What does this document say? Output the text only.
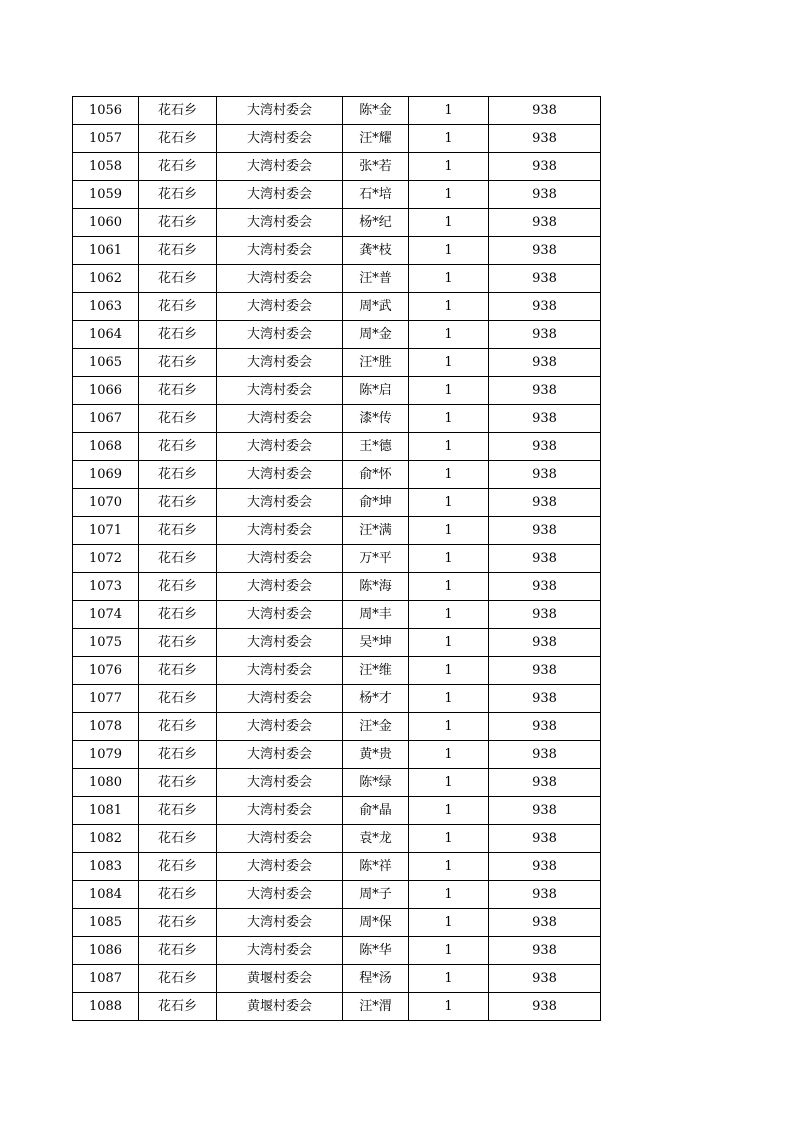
1056	花石乡	大湾村委会	陈*金	1	938
1057	花石乡	大湾村委会	汪*耀	1	938
1058	花石乡	大湾村委会	张*若	1	938
1059	花石乡	大湾村委会	石*培	1	938
1060	花石乡	大湾村委会	杨*纪	1	938
1061	花石乡	大湾村委会	龚*枝	1	938
1062	花石乡	大湾村委会	汪*普	1	938
1063	花石乡	大湾村委会	周*武	1	938
1064	花石乡	大湾村委会	周*金	1	938
1065	花石乡	大湾村委会	汪*胜	1	938
1066	花石乡	大湾村委会	陈*启	1	938
1067	花石乡	大湾村委会	漆*传	1	938
1068	花石乡	大湾村委会	王*德	1	938
1069	花石乡	大湾村委会	俞*怀	1	938
1070	花石乡	大湾村委会	俞*坤	1	938
1071	花石乡	大湾村委会	汪*满	1	938
1072	花石乡	大湾村委会	万*平	1	938
1073	花石乡	大湾村委会	陈*海	1	938
1074	花石乡	大湾村委会	周*丰	1	938
1075	花石乡	大湾村委会	吴*坤	1	938
1076	花石乡	大湾村委会	汪*维	1	938
1077	花石乡	大湾村委会	杨*才	1	938
1078	花石乡	大湾村委会	汪*金	1	938
1079	花石乡	大湾村委会	黄*贵	1	938
1080	花石乡	大湾村委会	陈*绿	1	938
1081	花石乡	大湾村委会	俞*晶	1	938
1082	花石乡	大湾村委会	袁*龙	1	938
1083	花石乡	大湾村委会	陈*祥	1	938
1084	花石乡	大湾村委会	周*子	1	938
1085	花石乡	大湾村委会	周*保	1	938
1086	花石乡	大湾村委会	陈*华	1	938
1087	花石乡	黄堰村委会	程*汤	1	938
1088	花石乡	黄堰村委会	汪*渭	1	938
